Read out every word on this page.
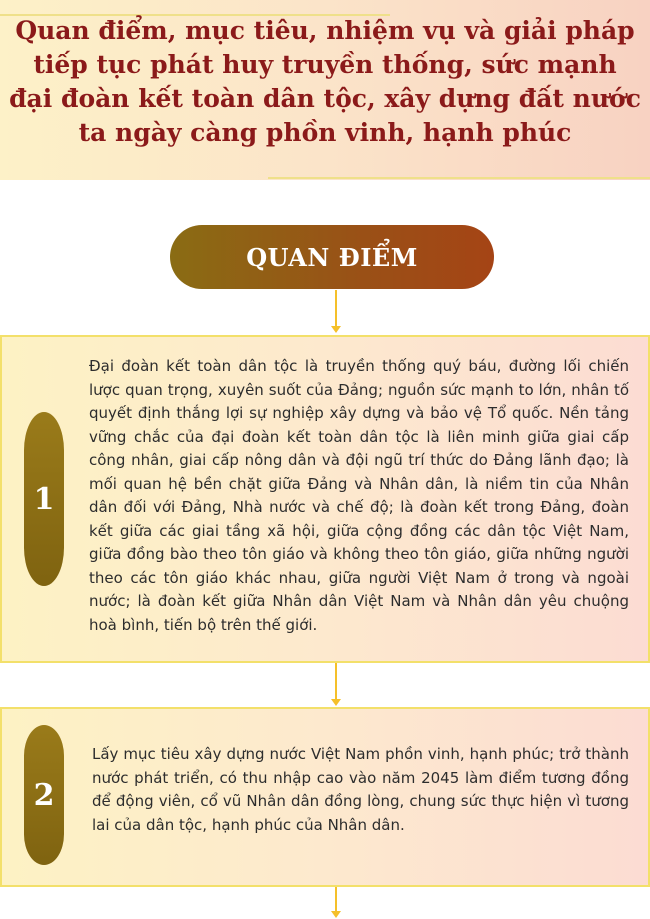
Quan điểm, mục tiêu, nhiệm vụ và giải pháp
tiếp tục phát huy truyền thống, sức mạnh
đại đoàn kết toàn dân tộc, xây dựng đất nước
ta ngày càng phồn vinh, hạnh phúc
QUAN ĐIỂM
1

Đại đoàn kết toàn dân tộc là truyền thống quý báu, đường lối chiến lược quan trọng, xuyên suốt của Đảng; nguồn sức mạnh to lớn, nhân tố quyết định thắng lợi sự nghiệp xây dựng và bảo vệ Tổ quốc. Nền tảng vững chắc của đại đoàn kết toàn dân tộc là liên minh giữa giai cấp công nhân, giai cấp nông dân và đội ngũ trí thức do Đảng lãnh đạo; là mối quan hệ bền chặt giữa Đảng và Nhân dân, là niềm tin của Nhân dân đối với Đảng, Nhà nước và chế độ; là đoàn kết trong Đảng, đoàn kết giữa các giai tầng xã hội, giữa cộng đồng các dân tộc Việt Nam, giữa đồng bào theo tôn giáo và không theo tôn giáo, giữa những người theo các tôn giáo khác nhau, giữa người Việt Nam ở trong và ngoài nước; là đoàn kết giữa Nhân dân Việt Nam và Nhân dân yêu chuộng hoà bình, tiến bộ trên thế giới.

2

Lấy mục tiêu xây dựng nước Việt Nam phồn vinh, hạnh phúc; trở thành nước phát triển, có thu nhập cao vào năm 2045 làm điểm tương đồng để động viên, cổ vũ Nhân dân đồng lòng, chung sức thực hiện vì tương lai của dân tộc, hạnh phúc của Nhân dân.
